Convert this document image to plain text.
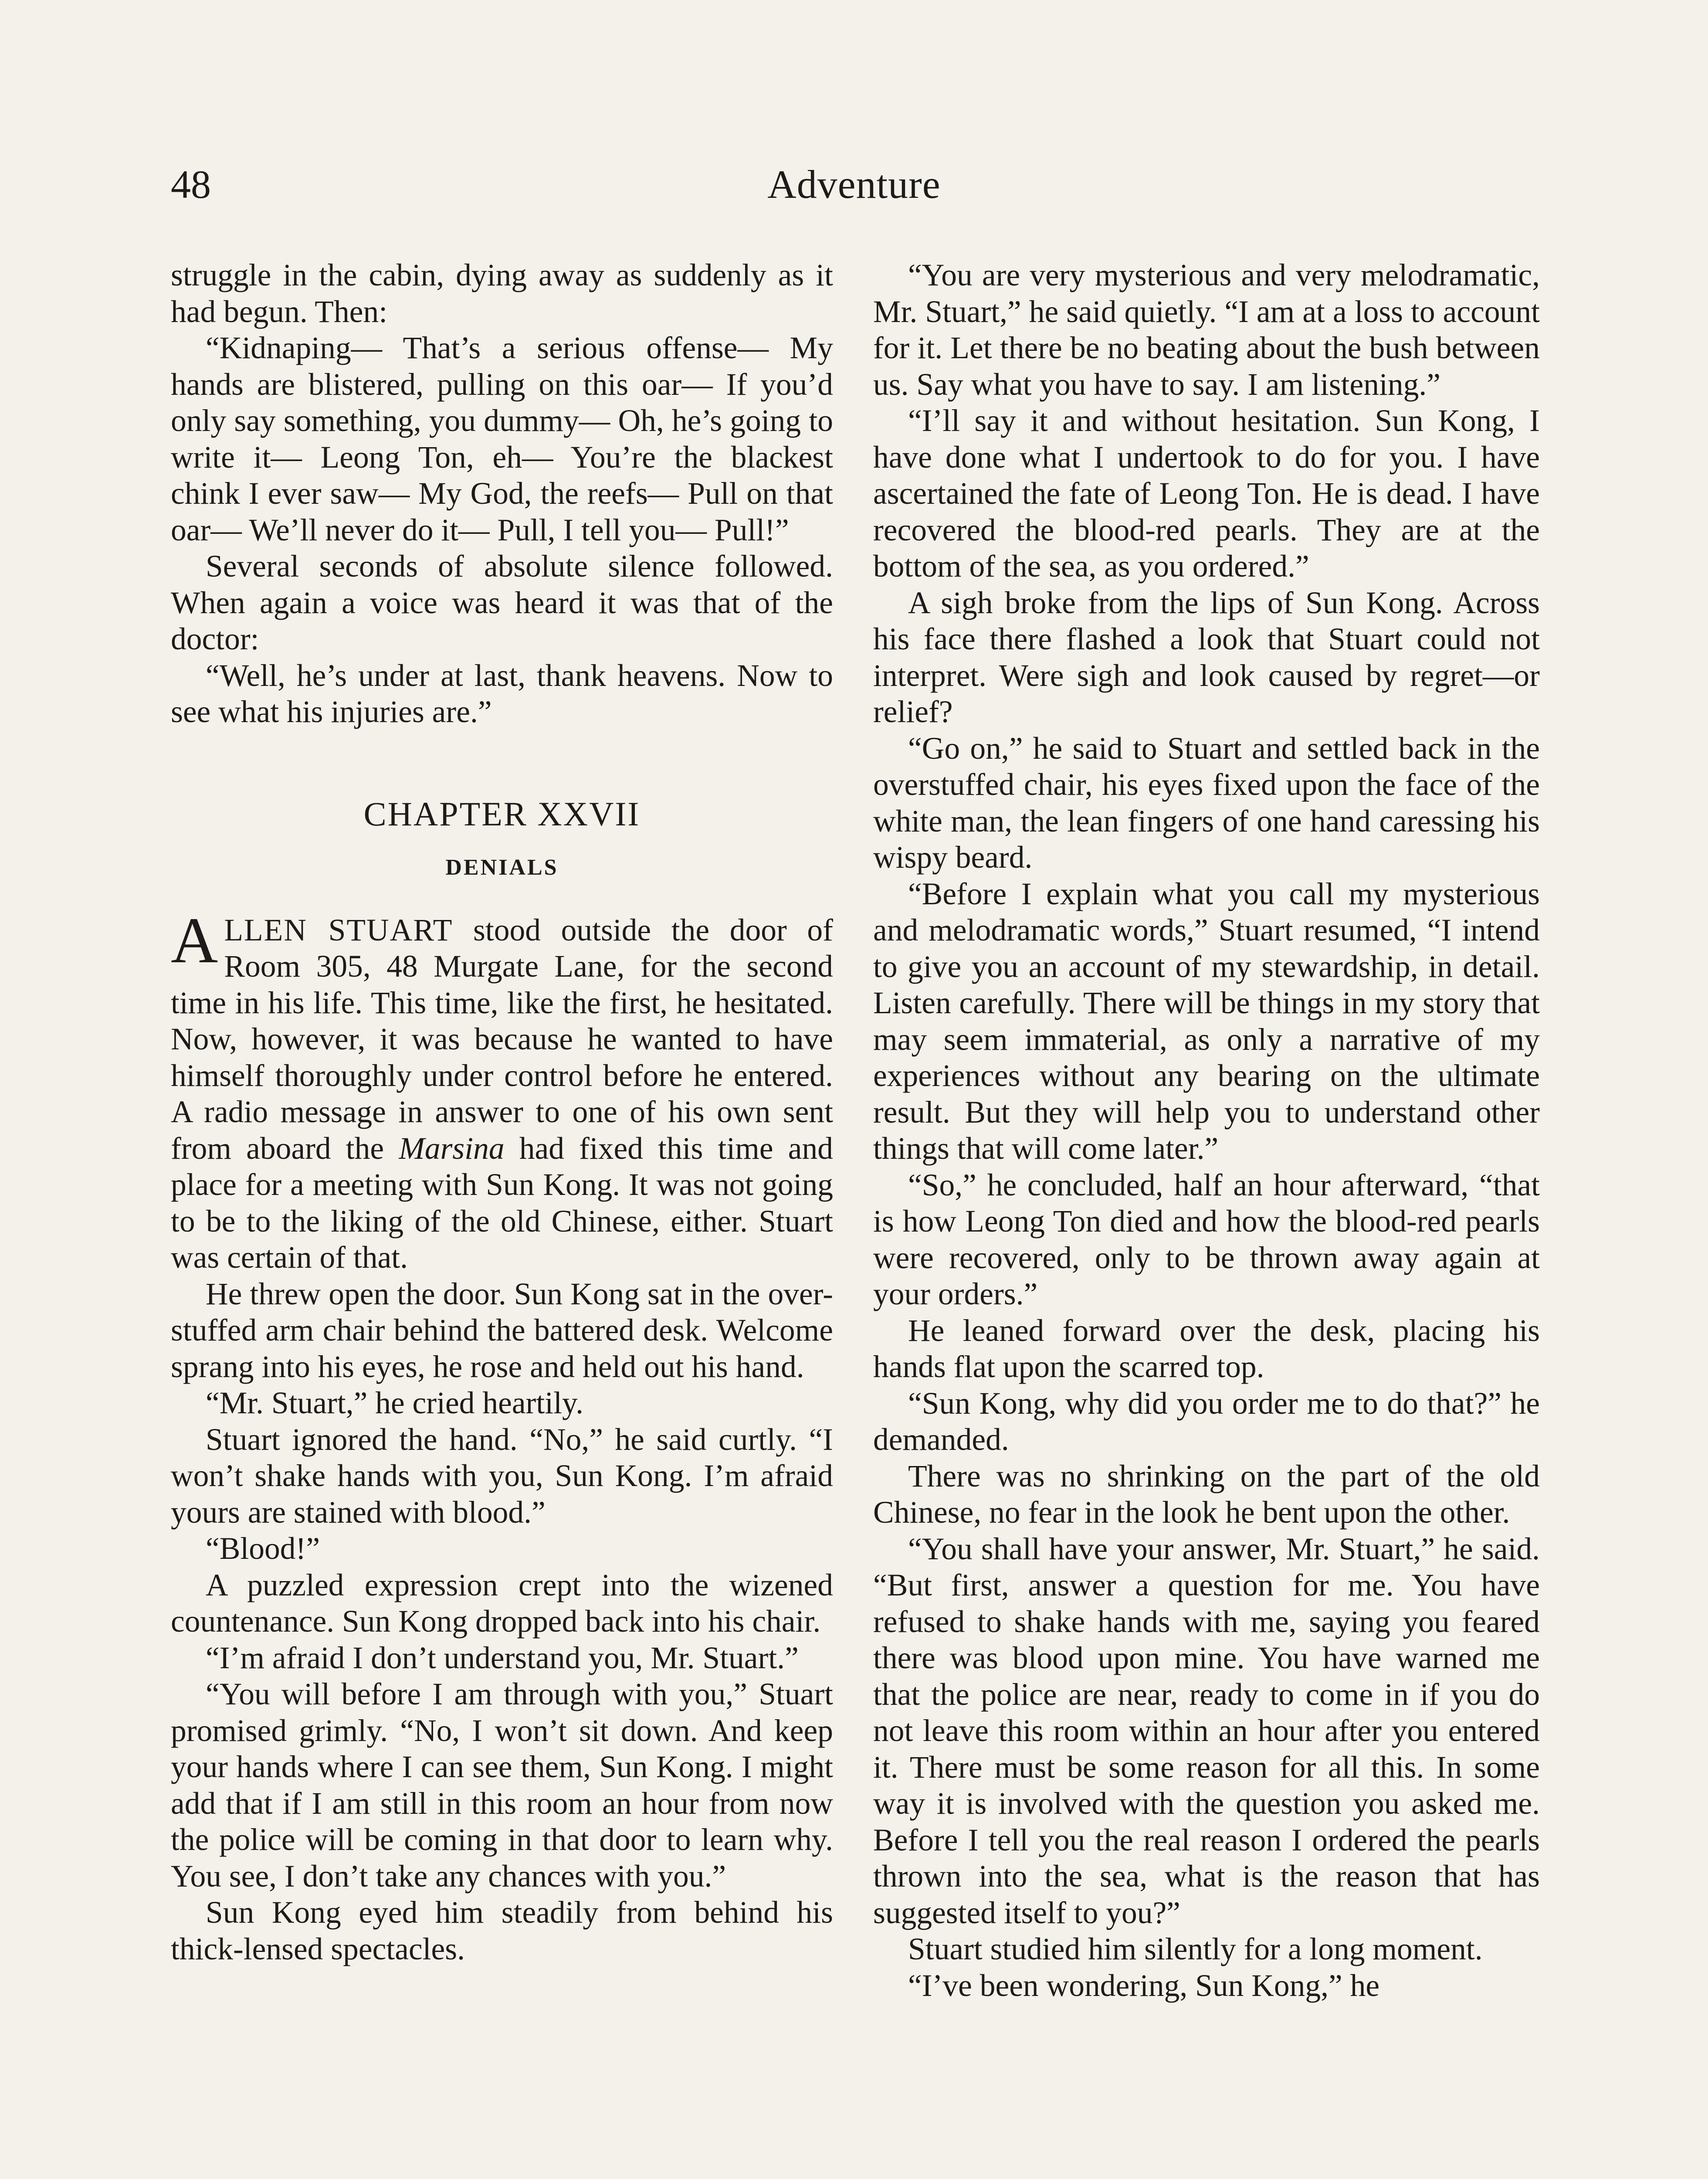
48	Adventure

struggle in the cabin, dying away as suddenly as it had begun. Then:

“Kidnaping— That’s a serious offense— My hands are blistered, pulling on this oar— If you’d only say something, you dummy— Oh, he’s going to write it— Leong Ton, eh— You’re the blackest chink I ever saw— My God, the reefs— Pull on that oar— We’ll never do it— Pull, I tell you— Pull!”

Several seconds of absolute silence followed. When again a voice was heard it was that of the doctor:

“Well, he’s under at last, thank heavens. Now to see what his injuries are.”

CHAPTER XXVII
DENIALS

ALLEN STUART stood outside the door of Room 305, 48 Murgate Lane, for the second time in his life. This time, like the first, he hesitated. Now, however, it was because he wanted to have himself thoroughly under control before he entered. A radio message in answer to one of his own sent from aboard the Marsina had fixed this time and place for a meeting with Sun Kong. It was not going to be to the liking of the old Chinese, either. Stuart was certain of that.

He threw open the door. Sun Kong sat in the over-stuffed arm chair behind the battered desk. Welcome sprang into his eyes, he rose and held out his hand.

“Mr. Stuart,” he cried heartily.

Stuart ignored the hand. “No,” he said curtly. “I won’t shake hands with you, Sun Kong. I’m afraid yours are stained with blood.”

“Blood!”

A puzzled expression crept into the wizened countenance. Sun Kong dropped back into his chair.

“I’m afraid I don’t understand you, Mr. Stuart.”

“You will before I am through with you,” Stuart promised grimly. “No, I won’t sit down. And keep your hands where I can see them, Sun Kong. I might add that if I am still in this room an hour from now the police will be coming in that door to learn why. You see, I don’t take any chances with you.”

Sun Kong eyed him steadily from behind his thick-lensed spectacles.

“You are very mysterious and very melodramatic, Mr. Stuart,” he said quietly. “I am at a loss to account for it. Let there be no beating about the bush between us. Say what you have to say. I am listening.”

“I’ll say it and without hesitation. Sun Kong, I have done what I undertook to do for you. I have ascertained the fate of Leong Ton. He is dead. I have recovered the blood-red pearls. They are at the bottom of the sea, as you ordered.”

A sigh broke from the lips of Sun Kong. Across his face there flashed a look that Stuart could not interpret. Were sigh and look caused by regret—or relief?

“Go on,” he said to Stuart and settled back in the overstuffed chair, his eyes fixed upon the face of the white man, the lean fingers of one hand caressing his wispy beard.

“Before I explain what you call my mysterious and melodramatic words,” Stuart resumed, “I intend to give you an account of my stewardship, in detail. Listen carefully. There will be things in my story that may seem immaterial, as only a narrative of my experiences without any bearing on the ultimate result. But they will help you to understand other things that will come later.”

“So,” he concluded, half an hour afterward, “that is how Leong Ton died and how the blood-red pearls were recovered, only to be thrown away again at your orders.”

He leaned forward over the desk, placing his hands flat upon the scarred top.

“Sun Kong, why did you order me to do that?” he demanded.

There was no shrinking on the part of the old Chinese, no fear in the look he bent upon the other.

“You shall have your answer, Mr. Stuart,” he said. “But first, answer a question for me. You have refused to shake hands with me, saying you feared there was blood upon mine. You have warned me that the police are near, ready to come in if you do not leave this room within an hour after you entered it. There must be some reason for all this. In some way it is involved with the question you asked me. Before I tell you the real reason I ordered the pearls thrown into the sea, what is the reason that has suggested itself to you?”

Stuart studied him silently for a long moment.

“I’ve been wondering, Sun Kong,” he
